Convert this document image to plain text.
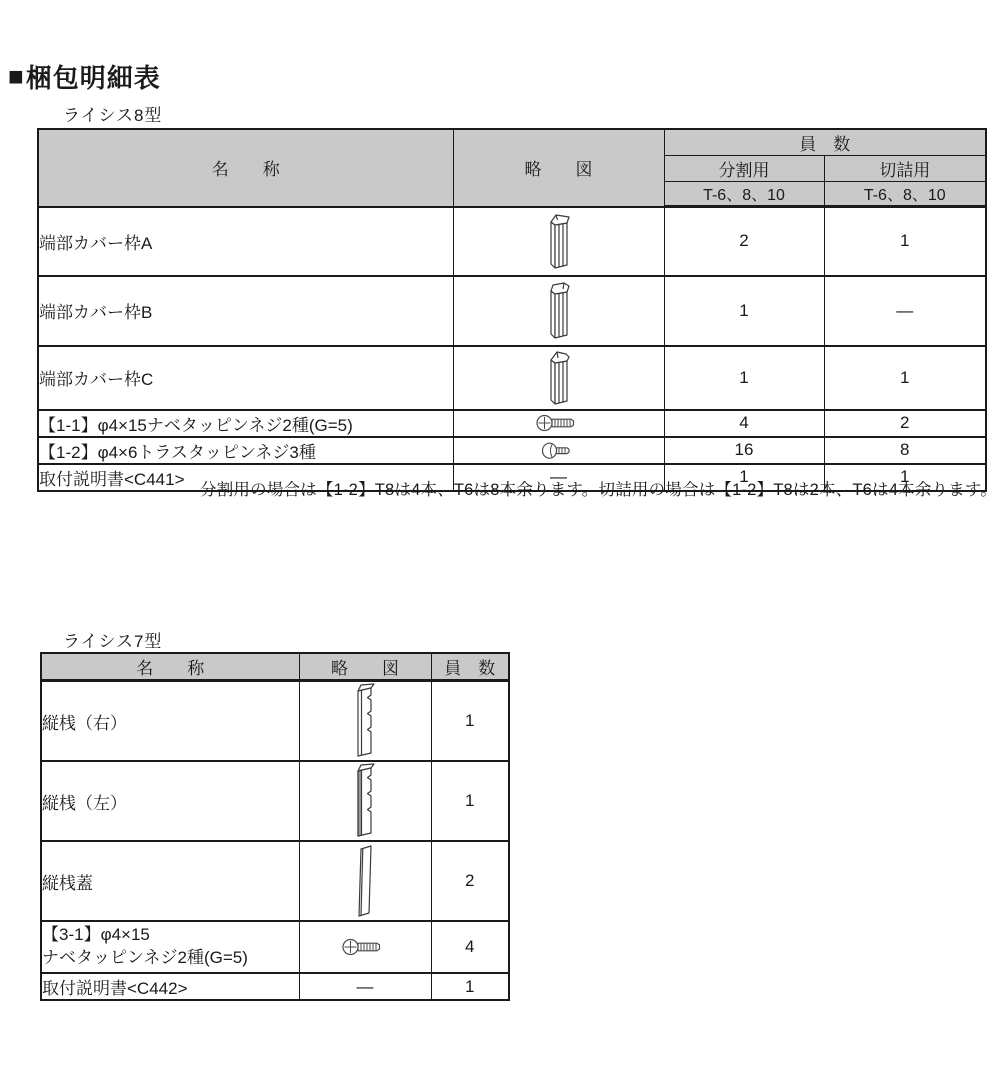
■ 梱包明細表
ライシス8型
名　　称	略　　図	員　数	
		分割用	切詰用
		T-6、8、10	T-6、8、10
端部カバー枠A		2	1
端部カバー枠B		1	—
端部カバー枠C		1	1
【1-1】φ4×15ナベタッピンネジ2種(G=5)		4	2
【1-2】φ4×6トラスタッピンネジ3種		16	8
取付説明書<C441>	—	1	1
分割用の場合は【1-2】T8は4本、T6は8本余ります。切詰用の場合は【1-2】T8は2本、T6は4本余ります。
ライシス7型
名　　称	略　　図	員　数
縦桟（右）		1
縦桟（左）		1
縦桟蓋		2

【3-1】φ4×15
ナベタッピンネジ2種(G=5)		4
取付説明書<C442>	—	1
